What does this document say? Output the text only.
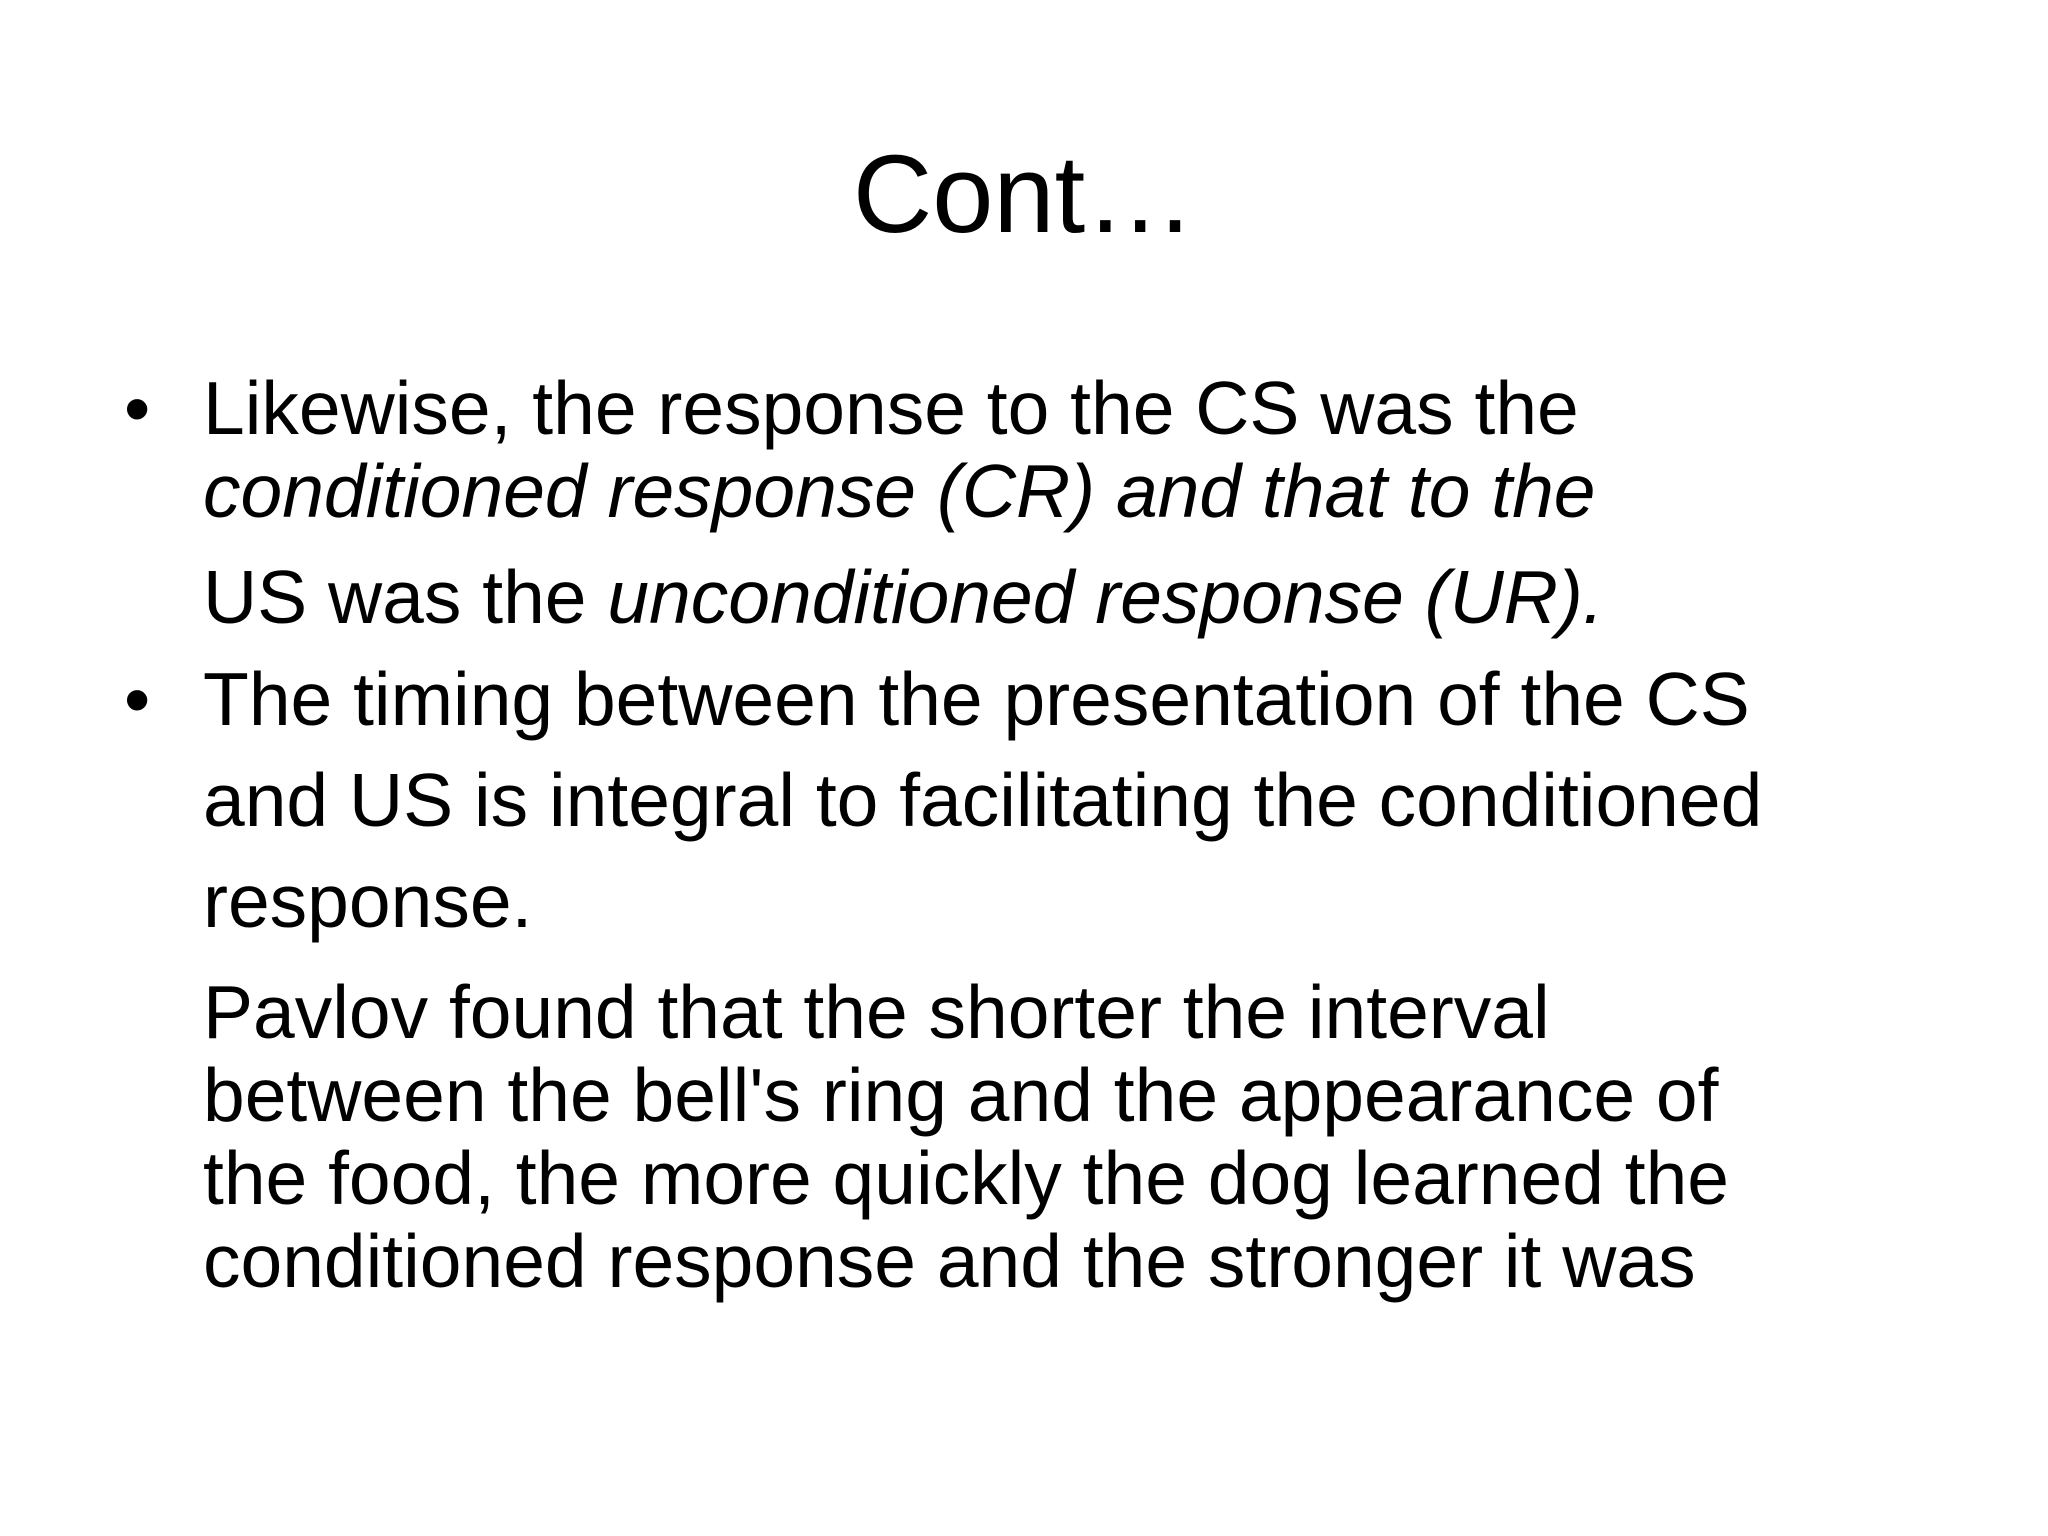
Cont…
• Likewise, the response to the CS was the
conditioned response (CR) and that to the
US was the unconditioned response (UR).
• The timing between the presentation of the CS
and US is integral to facilitating the conditioned
response.
Pavlov found that the shorter the interval
between the bell's ring and the appearance of
the food, the more quickly the dog learned the
conditioned response and the stronger it was
